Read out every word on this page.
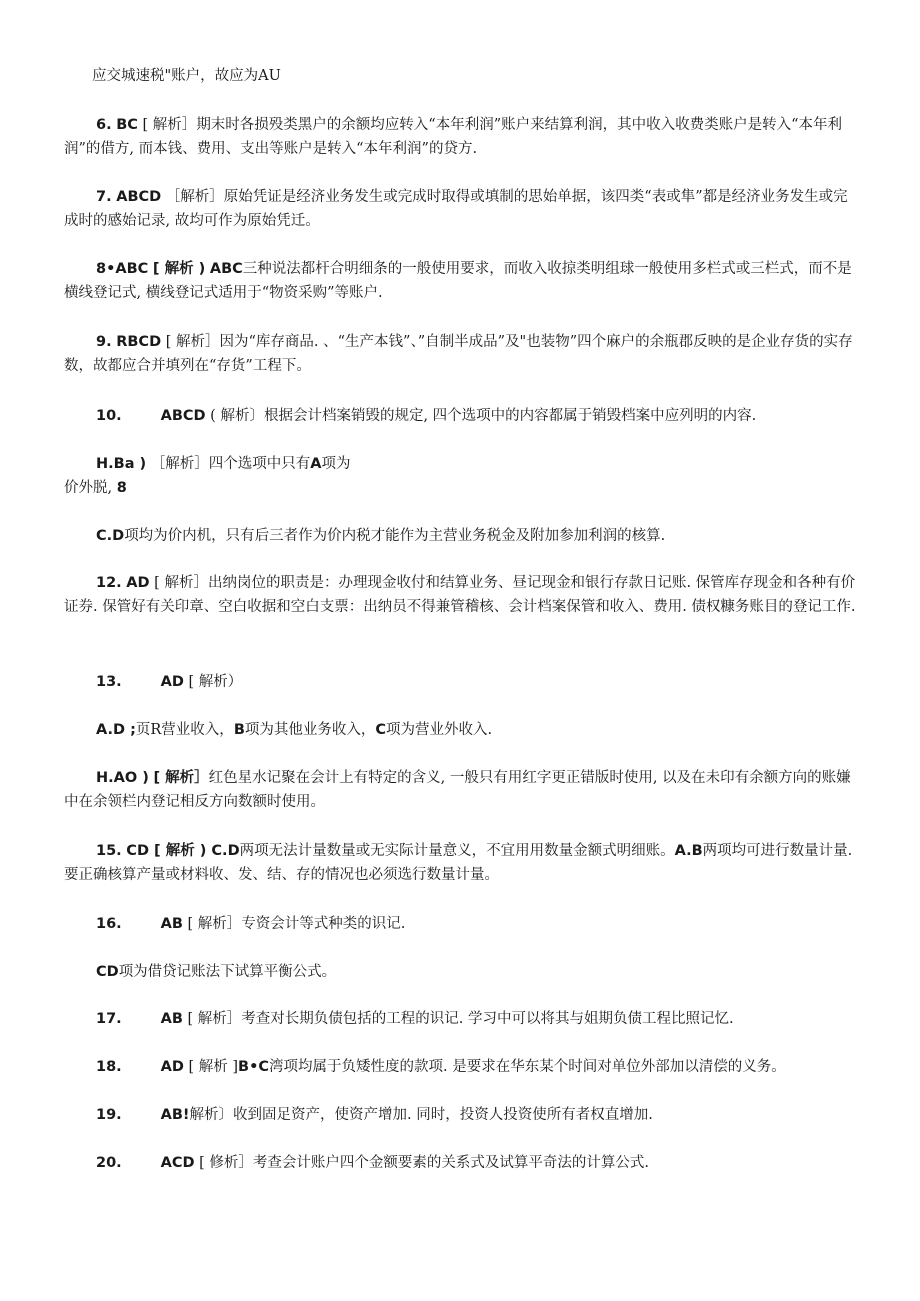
应交城速税"账户，故应为AU

6. BC [ 解析］期末时各损殁类黑户的余额均应转入“本年利润”账户来结算利润，其中收入收费类账户是转入“本年利润”的借方, 而本钱、费用、支出等账户是转入“本年利润”的贷方.

7. ABCD ［解析］原始凭证是经济业务发生或完成时取得或填制的思始单据，该四类“表或隼”都是经济业务发生或完成时的感始记录, 故均可作为原始凭迁。

8•ABC [ 解析 ) ABC三种说法都杆合明细条的一般使用要求，而收入收掠类明组球一般使用多栏式或三栏式，而不是横线登记式, 横线登记式适用于“物资采购”等账户.

9. RBCD [ 解析］因为“库存商品. 、“生产本钱”、”自制半成品”及"也装物”四个麻户的余瓶郡反映的是企业存货的实存数，故都应合并填列在“存货”工程下。

10.	ABCD ( 解析〕根据会计档案销毁的规定, 四个选项中的内容都属于销毁档案中应列明的内容.

H.Ba ) ［解析］四个选项中只有A项为

价外脱, 8

C.D项均为价内机，只有后三者作为价内税才能作为主营业务税金及附加参加利润的核算.

12. AD [ 解析］出纳岗位的职责是：办理现金收付和结算业务、昼记现金和银行存款日记账. 保管库存现金和各种有价证券. 保管好有关印章、空白收据和空白支票：出纳员不得兼管稽核、会计档案保管和收入、费用. 债权糠务账目的登记工作.

13.	AD [ 解析）

A.D ;页R营业收入，B项为其他业务收入，C项为营业外收入.

H.AO ) [ 解析］红色星水记聚在会计上有特定的含义, 一般只有用红字更正错版时使用, 以及在未印有余额方向的账嫌中在余领栏内登记相反方向数额时使用。

15. CD [ 解析 ) C.D两项无法计量数量或无实际计量意义，不宜用用数量金额式明细账。A.B两项均可进行数量计量. 要正确核算产量或材料收、发、结、存的情况也必须选行数量计量。

16.	AB [ 解析］专资会计等式种类的识记.

CD项为借贷记账法下试算平衡公式。

17.	AB [ 解析］考查对长期负债包括的工程的识记. 学习中可以将其与姐期负债工程比照记忆.

18.	AD [ 解析 ]B•C湾项均属于负矮性度的款项. 是要求在华东某个时间对单位外部加以清偿的义务。

19.	AB!解析〕收到固足资产，使资产增加. 同时，投资人投资使所有者权直增加.

20.	ACD [ 修析］考查会计账户四个金额要素的关系式及试算平奇法的计算公式.
